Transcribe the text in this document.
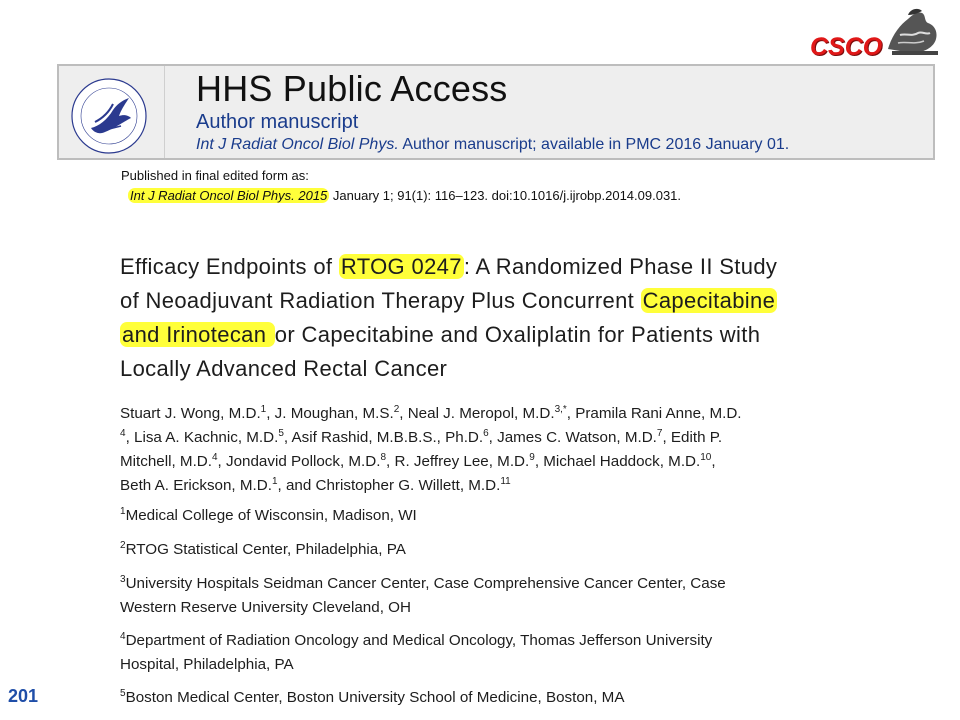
CSCO
HHS Public Access
Author manuscript
Int J Radiat Oncol Biol Phys. Author manuscript; available in PMC 2016 January 01.
Published in final edited form as:
Int J Radiat Oncol Biol Phys. 2015 January 1; 91(1): 116–123. doi:10.1016/j.ijrobp.2014.09.031.
Efficacy Endpoints of RTOG 0247: A Randomized Phase II Study
of Neoadjuvant Radiation Therapy Plus Concurrent Capecitabine
and Irinotecan or Capecitabine and Oxaliplatin for Patients with
Locally Advanced Rectal Cancer
Stuart J. Wong, M.D.$^1$, J. Moughan, M.S.$^2$, Neal J. Meropol, M.D.$^{3,*}$, Pramila Rani Anne, M.D.
$^4$, Lisa A. Kachnic, M.D.$^5$, Asif Rashid, M.B.B.S., Ph.D.$^6$, James C. Watson, M.D.$^7$, Edith P.
Mitchell, M.D.$^4$, Jondavid Pollock, M.D.$^8$, R. Jeffrey Lee, M.D.$^9$, Michael Haddock, M.D.$^{10}$,
Beth A. Erickson, M.D.$^1$, and Christopher G. Willett, M.D.$^{11}$
$^1$Medical College of Wisconsin, Madison, WI
$^2$RTOG Statistical Center, Philadelphia, PA
$^3$University Hospitals Seidman Cancer Center, Case Comprehensive Cancer Center, Case
Western Reserve University Cleveland, OH
$^4$Department of Radiation Oncology and Medical Oncology, Thomas Jefferson University
Hospital, Philadelphia, PA
$^5$Boston Medical Center, Boston University School of Medicine, Boston, MA
201
